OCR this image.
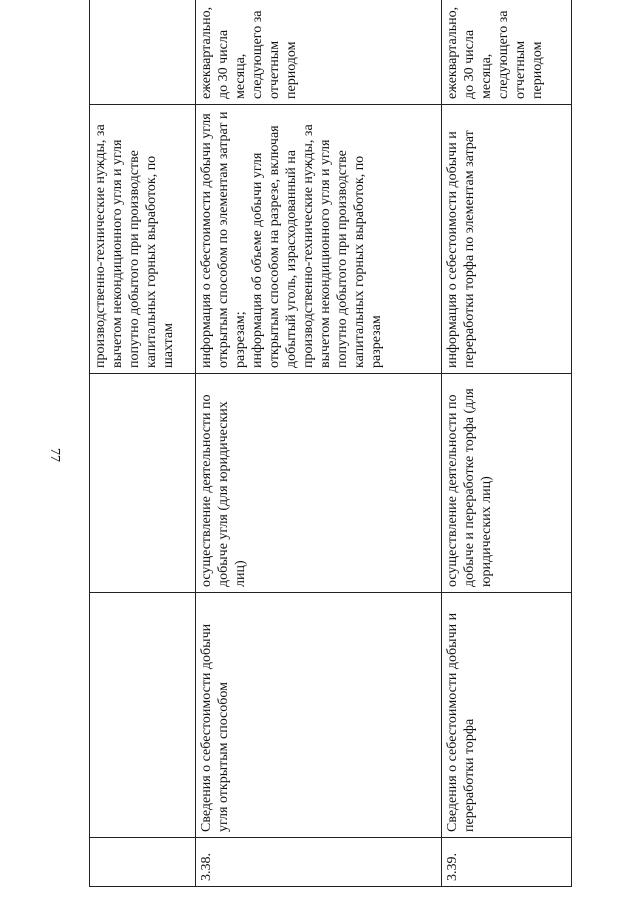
77
			производственно-технические нужды, за вычетом некондиционного угля и угля попутно добытого при производстве капитальных горных выработок, по шахтам	
3.38.	Сведения о себестоимости добычи угля открытым способом	осуществление деятельности по добыче угля (для юридических лиц)	информация о себестоимости добычи угля открытым способом по элементам затрат и разрезам; информация об объеме добычи угля открытым способом на разрезе, включая добытый уголь, израсходованный на производственно-технические нужды, за вычетом некондиционного угля и угля попутно добытого при производстве капитальных горных выработок, по разрезам	ежеквартально, до 30 числа месяца, следующего за отчетным периодом
3.39.	Сведения о себестоимости добычи и переработки торфа	осуществление деятельности по добыче и переработке торфа (для юридических лиц)	информация о себестоимости добычи и переработки торфа по элементам затрат	ежеквартально, до 30 числа месяца, следующего за отчетным периодом
